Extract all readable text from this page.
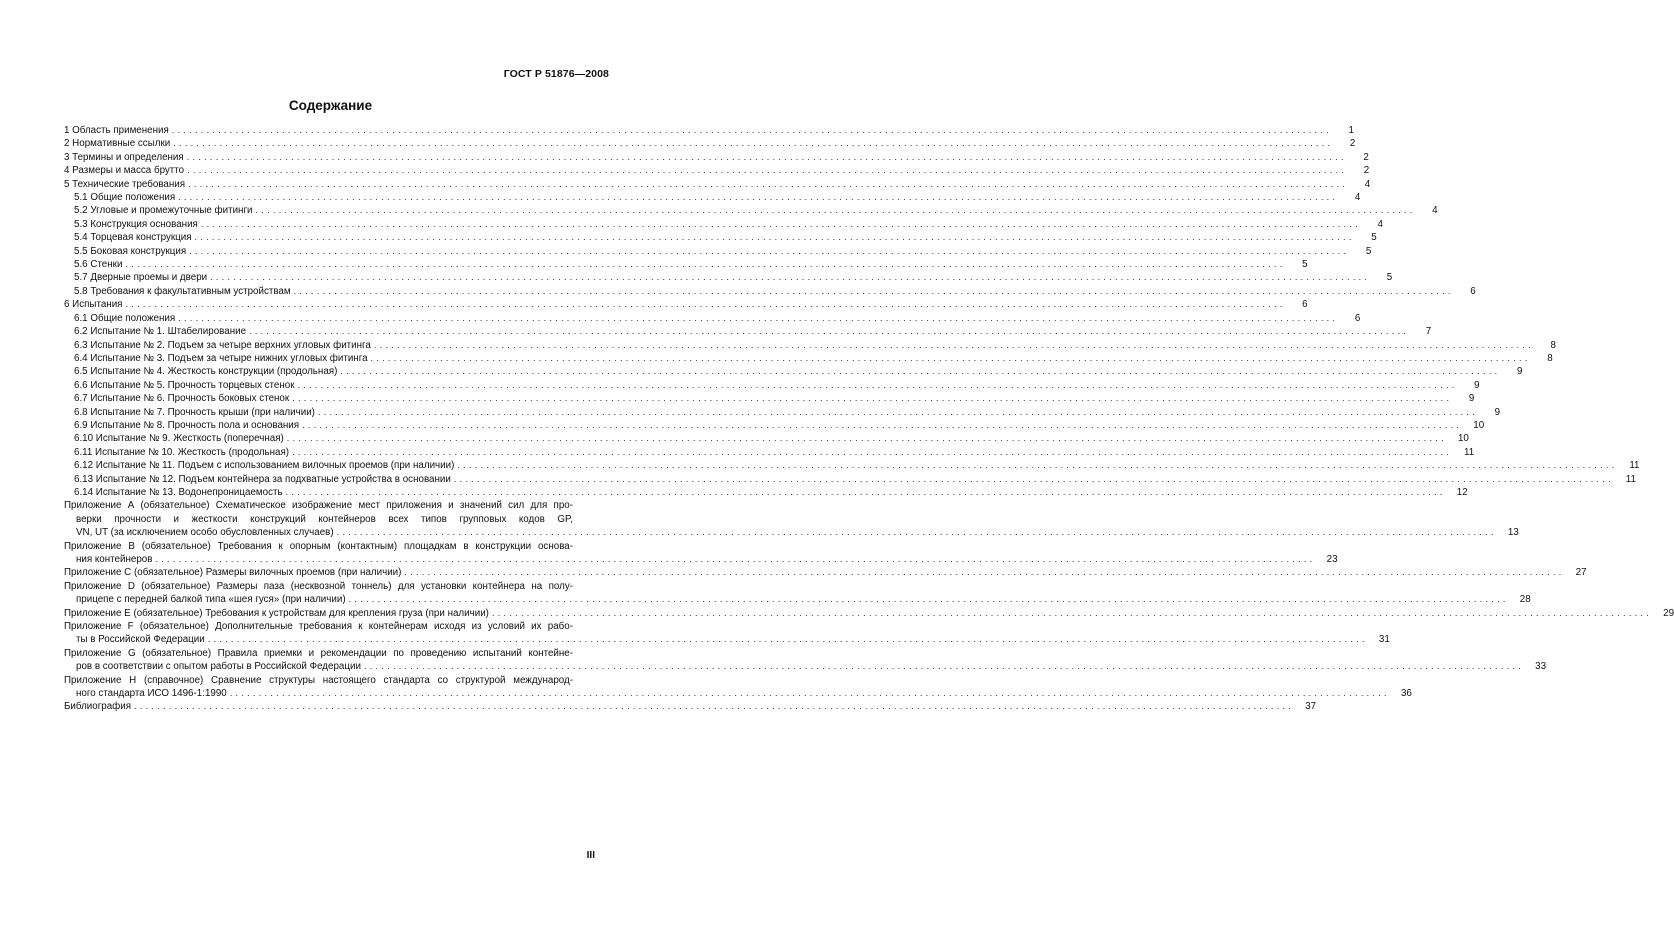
ГОСТ Р 51876—2008
Содержание
1 Область применения ........................................................................................................................................................................................................	1
2 Нормативные ссылки ........................................................................................................................................................................................................	2
3 Термины и определения ........................................................................................................................................................................................................	2
4 Размеры и масса брутто ........................................................................................................................................................................................................	2
5 Технические требования ........................................................................................................................................................................................................	4
5.1 Общие положения ........................................................................................................................................................................................................	4
5.2 Угловые и промежуточные фитинги ........................................................................................................................................................................................................	4
5.3 Конструкция основания ........................................................................................................................................................................................................	4
5.4 Торцевая конструкция ........................................................................................................................................................................................................	5
5.5 Боковая конструкция ........................................................................................................................................................................................................	5
5.6 Стенки ........................................................................................................................................................................................................	5
5.7 Дверные проемы и двери ........................................................................................................................................................................................................	5
5.8 Требования к факультативным устройствам ........................................................................................................................................................................................................	6
6 Испытания ........................................................................................................................................................................................................	6
6.1 Общие положения ........................................................................................................................................................................................................	6
6.2 Испытание № 1. Штабелирование ........................................................................................................................................................................................................	7
6.3 Испытание № 2. Подъем за четыре верхних угловых фитинга ........................................................................................................................................................................................................	8
6.4 Испытание № 3. Подъем за четыре нижних угловых фитинга ........................................................................................................................................................................................................	8
6.5 Испытание № 4. Жесткость конструкции (продольная) ........................................................................................................................................................................................................	9
6.6 Испытание № 5. Прочность торцевых стенок ........................................................................................................................................................................................................	9
6.7 Испытание № 6. Прочность боковых стенок ........................................................................................................................................................................................................	9
6.8 Испытание № 7. Прочность крыши (при наличии) ........................................................................................................................................................................................................	9
6.9 Испытание № 8. Прочность пола и основания ........................................................................................................................................................................................................	10
6.10 Испытание № 9. Жесткость (поперечная) ........................................................................................................................................................................................................	10
6.11 Испытание № 10. Жесткость (продольная) ........................................................................................................................................................................................................	11
6.12 Испытание № 11. Подъем с использованием вилочных проемов (при наличии) ........................................................................................................................................................................................................	11
6.13 Испытание № 12. Подъем контейнера за подхватные устройства в основании ........................................................................................................................................................................................................	11
6.14 Испытание № 13. Водонепроницаемость ........................................................................................................................................................................................................	12
Приложение А (обязательное) Схематическое изображение мест приложения и значений сил для про-
верки прочности и жесткости конструкций контейнеров всех типов групповых кодов GP,
VN, UT (за исключением особо обусловленных случаев) ........................................................................................................................................................................................................	13
Приложение В (обязательное) Требования к опорным (контактным) площадкам в конструкции основа-
ния контейнеров ........................................................................................................................................................................................................	23
Приложение С (обязательное) Размеры вилочных проемов (при наличии) ........................................................................................................................................................................................................	27
Приложение D (обязательное) Размеры паза (несквозной тоннель) для установки контейнера на полу-
прицепе с передней балкой типа «шея гуся» (при наличии) ........................................................................................................................................................................................................	28
Приложение Е (обязательное) Требования к устройствам для крепления груза (при наличии) ........................................................................................................................................................................................................	29
Приложение F (обязательное) Дополнительные требования к контейнерам исходя из условий их рабо-
ты в Российской Федерации ........................................................................................................................................................................................................	31
Приложение G (обязательное) Правила приемки и рекомендации по проведению испытаний контейне-
ров в соответствии с опытом работы в Российской Федерации ........................................................................................................................................................................................................	33
Приложение Н (справочное) Сравнение структуры настоящего стандарта со структурой международ-
ного стандарта ИСО 1496-1:1990 ........................................................................................................................................................................................................	36
Библиография ........................................................................................................................................................................................................	37
III
